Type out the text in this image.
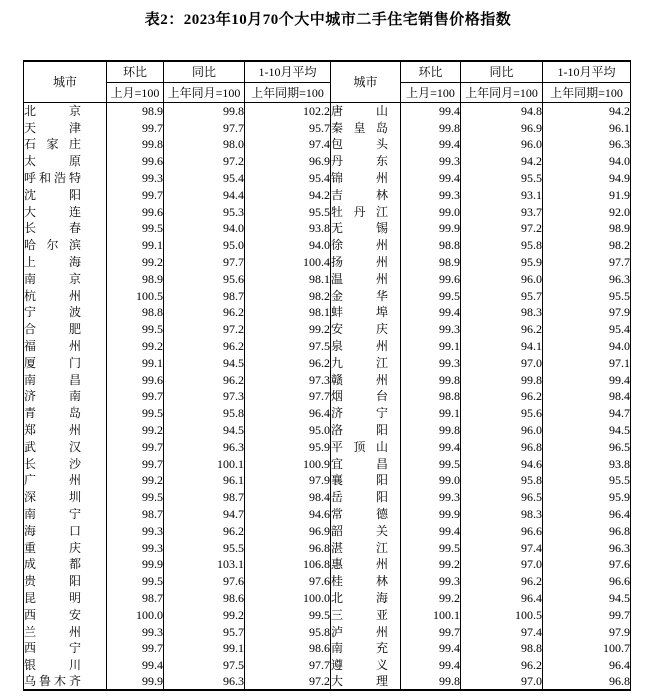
表2：2023年10月70个大中城市二手住宅销售价格指数
城市	环比	同比	1-10月平均	城市	环比	同比	1-10月平均
	上月=100	上年同月=100	上年同期=100		上月=100	上年同月=100	上年同期=100
北京	98.9	99.8	102.2	唐山	99.4	94.8	94.2
天津	99.7	97.7	95.7	秦皇岛	99.8	96.9	96.1
石家庄	99.8	98.0	97.4	包头	99.4	96.0	96.3
太原	99.6	97.2	96.9	丹东	99.3	94.2	94.0
呼和浩特	99.3	95.4	95.4	锦州	99.4	95.5	94.9
沈阳	99.7	94.4	94.2	吉林	99.3	93.1	91.9
大连	99.6	95.3	95.5	牡丹江	99.0	93.7	92.0
长春	99.5	94.0	93.8	无锡	99.9	97.2	98.9
哈尔滨	99.1	95.0	94.0	徐州	98.8	95.8	98.2
上海	99.2	97.7	100.4	扬州	98.9	95.9	97.7
南京	98.9	95.6	98.1	温州	99.6	96.0	96.3
杭州	100.5	98.7	98.2	金华	99.5	95.7	95.5
宁波	98.8	96.2	98.1	蚌埠	99.4	98.3	97.9
合肥	99.5	97.2	99.2	安庆	99.3	96.2	95.4
福州	99.2	96.2	97.5	泉州	99.1	94.1	94.0
厦门	99.1	94.5	96.2	九江	99.3	97.0	97.1
南昌	99.6	96.2	97.3	赣州	99.8	99.8	99.4
济南	99.7	97.3	97.7	烟台	98.8	96.2	98.4
青岛	99.5	95.8	96.4	济宁	99.1	95.6	94.7
郑州	99.2	94.5	95.0	洛阳	99.8	96.0	94.5
武汉	99.7	96.3	95.9	平顶山	99.4	96.8	96.5
长沙	99.7	100.1	100.9	宜昌	99.5	94.6	93.8
广州	99.2	96.1	97.9	襄阳	99.0	95.8	95.5
深圳	99.5	98.7	98.4	岳阳	99.3	96.5	95.9
南宁	98.7	94.7	94.6	常德	99.9	98.3	96.4
海口	99.3	96.2	96.9	韶关	99.4	96.6	96.8
重庆	99.3	95.5	96.8	湛江	99.5	97.4	96.3
成都	99.9	103.1	106.8	惠州	99.2	97.0	97.6
贵阳	99.5	97.6	97.6	桂林	99.3	96.2	96.6
昆明	98.7	98.6	100.0	北海	99.2	96.4	94.5
西安	100.0	99.2	99.5	三亚	100.1	100.5	99.7
兰州	99.3	95.7	95.8	泸州	99.7	97.4	97.9
西宁	99.7	99.1	98.6	南充	99.4	98.8	100.7
银川	99.4	97.5	97.7	遵义	99.4	96.2	96.4
乌鲁木齐	99.9	96.3	97.2	大理	99.8	97.0	96.8
